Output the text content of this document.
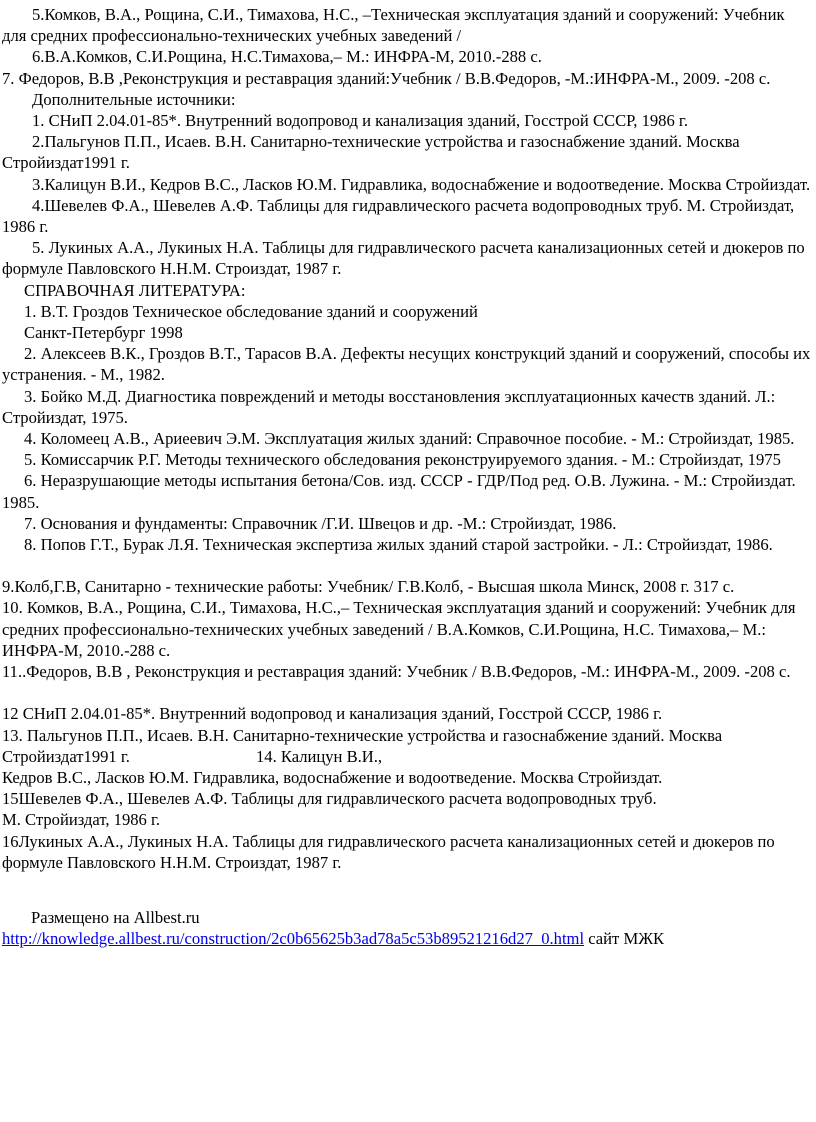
5.Комков, В.А., Рощина, С.И., Тимахова, Н.С., –Техническая эксплуатация зданий и сооружений: Учебник для средних профессионально-технических учебных заведений /

6.В.А.Комков, С.И.Рощина, Н.С.Тимахова,– М.: ИНФРА-М, 2010.-288 с.

7. Федоров, В.В ,Реконструкция и реставрация зданий:Учебник / В.В.Федоров, -М.:ИНФРА-М., 2009. -208 с.

Дополнительные источники:

1. СНиП 2.04.01-85*. Внутренний водопровод и канализация зданий, Госстрой СССР, 1986 г.

2.Пальгунов П.П., Исаев. В.Н. Санитарно-технические устройства и газоснабжение зданий. Москва Стройиздат1991 г.

3.Калицун В.И., Кедров В.С., Ласков Ю.М. Гидравлика, водоснабжение и водоотведение. Москва Стройиздат.

4.Шевелев Ф.А., Шевелев А.Ф. Таблицы для гидравлического расчета водопроводных труб. М. Стройиздат, 1986 г.

5. Лукиных А.А., Лукиных Н.А. Таблицы для гидравлического расчета канализационных сетей и дюкеров по формуле Павловского Н.Н.М. Строиздат, 1987 г.

СПРАВОЧНАЯ ЛИТЕРАТУРА:

1. В.Т. Гроздов Техническое обследование зданий и сооружений

Санкт-Петербург 1998

2. Алексеев В.К., Гроздов В.Т., Тарасов В.А. Дефекты несущих конструкций зданий и сооружений, способы их устранения. - М., 1982.

3. Бойко М.Д. Диагностика повреждений и методы восстановления эксплуатационных качеств зданий. Л.: Стройиздат, 1975.

4. Коломеец А.В., Ариеевич Э.М. Эксплуатация жилых зданий: Справочное пособие. - М.: Стройиздат, 1985.

5. Комиссарчик Р.Г. Методы технического обследования реконструируемого здания. - М.: Стройиздат, 1975

6. Неразрушающие методы испытания бетона/Сов. изд. СССР - ГДР/Под ред. О.В. Лужина. - М.: Стройиздат. 1985.

7. Основания и фундаменты: Справочник /Г.И. Швецов и др. -М.: Стройиздат, 1986.

8. Попов Г.Т., Бурак Л.Я. Техническая экспертиза жилых зданий старой застройки. - Л.: Стройиздат, 1986.

9.Колб,Г.В, Санитарно - технические работы: Учебник/ Г.В.Колб, - Высшая школа Минск, 2008 г. 317 с.

10. Комков, В.А., Рощина, С.И., Тимахова, Н.С.,– Техническая эксплуатация зданий и сооружений: Учебник для средних профессионально-технических учебных заведений / В.А.Комков, С.И.Рощина, Н.С. Тимахова,– М.: ИНФРА-М, 2010.-288 с.

11..Федоров, В.В , Реконструкция и реставрация зданий: Учебник / В.В.Федоров, -М.: ИНФРА-М., 2009. -208 с.

12 СНиП 2.04.01-85*. Внутренний водопровод и канализация зданий, Госстрой СССР, 1986 г.

13. Пальгунов П.П., Исаев. В.Н. Санитарно-технические устройства и газоснабжение зданий. Москва Стройиздат1991 г.	14. Калицун В.И.,

Кедров В.С., Ласков Ю.М. Гидравлика, водоснабжение и водоотведение. Москва Стройиздат.

15Шевелев Ф.А., Шевелев А.Ф. Таблицы для гидравлического расчета водопроводных труб.

М. Стройиздат, 1986 г.

16Лукиных А.А., Лукиных Н.А. Таблицы для гидравлического расчета канализационных сетей и дюкеров по формуле Павловского Н.Н.М. Строиздат, 1987 г.

Размещено на Allbest.ru

http://knowledge.allbest.ru/construction/2c0b65625b3ad78a5c53b89521216d27_0.html сайт МЖК
